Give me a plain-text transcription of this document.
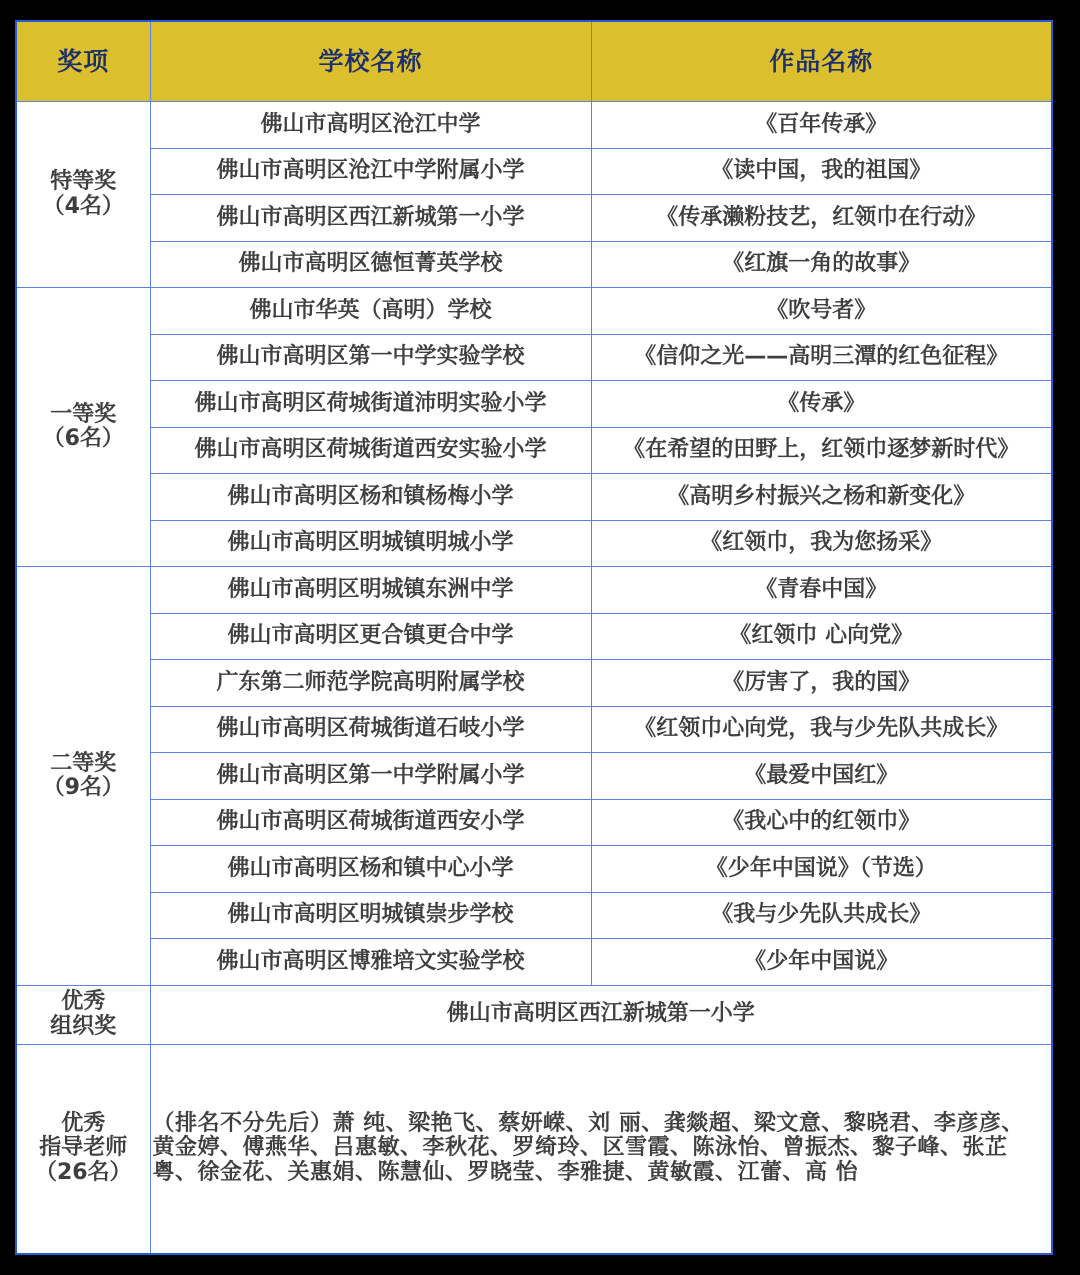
奖项	学校名称	作品名称

特等奖
（4名）	佛山市高明区沧江中学	《百年传承》
	佛山市高明区沧江中学附属小学	《读中国，我的祖国》
	佛山市高明区西江新城第一小学	《传承濑粉技艺，红领巾在行动》
	佛山市高明区德恒菁英学校	《红旗一角的故事》

一等奖
（6名）	佛山市华英（高明）学校	《吹号者》
	佛山市高明区第一中学实验学校	《信仰之光——高明三潭的红色征程》
	佛山市高明区荷城街道沛明实验小学	《传承》
	佛山市高明区荷城街道西安实验小学	《在希望的田野上，红领巾逐梦新时代》
	佛山市高明区杨和镇杨梅小学	《高明乡村振兴之杨和新变化》
	佛山市高明区明城镇明城小学	《红领巾，我为您扬采》

二等奖
（9名）	佛山市高明区明城镇东洲中学	《青春中国》
	佛山市高明区更合镇更合中学	《红领巾 心向党》
	广东第二师范学院高明附属学校	《厉害了，我的国》
	佛山市高明区荷城街道石岐小学	《红领巾心向党，我与少先队共成长》
	佛山市高明区第一中学附属小学	《最爱中国红》
	佛山市高明区荷城街道西安小学	《我心中的红领巾》
	佛山市高明区杨和镇中心小学	《少年中国说》（节选）
	佛山市高明区明城镇崇步学校	《我与少先队共成长》
	佛山市高明区博雅培文实验学校	《少年中国说》

优秀
组织奖	佛山市高明区西江新城第一小学	

优秀
指导老师
（26名）	（排名不分先后）萧 纯、梁艳飞、蔡妍嵘、刘 丽、龚燚超、梁文意、黎晓君、李彦彦、黄金婷、傅燕华、吕惠敏、李秋花、罗绮玲、区雪霞、陈泳怡、曾振杰、黎子峰、张芷粤、徐金花、关惠娟、陈慧仙、罗晓莹、李雅捷、黄敏霞、江蕾、高 怡	
